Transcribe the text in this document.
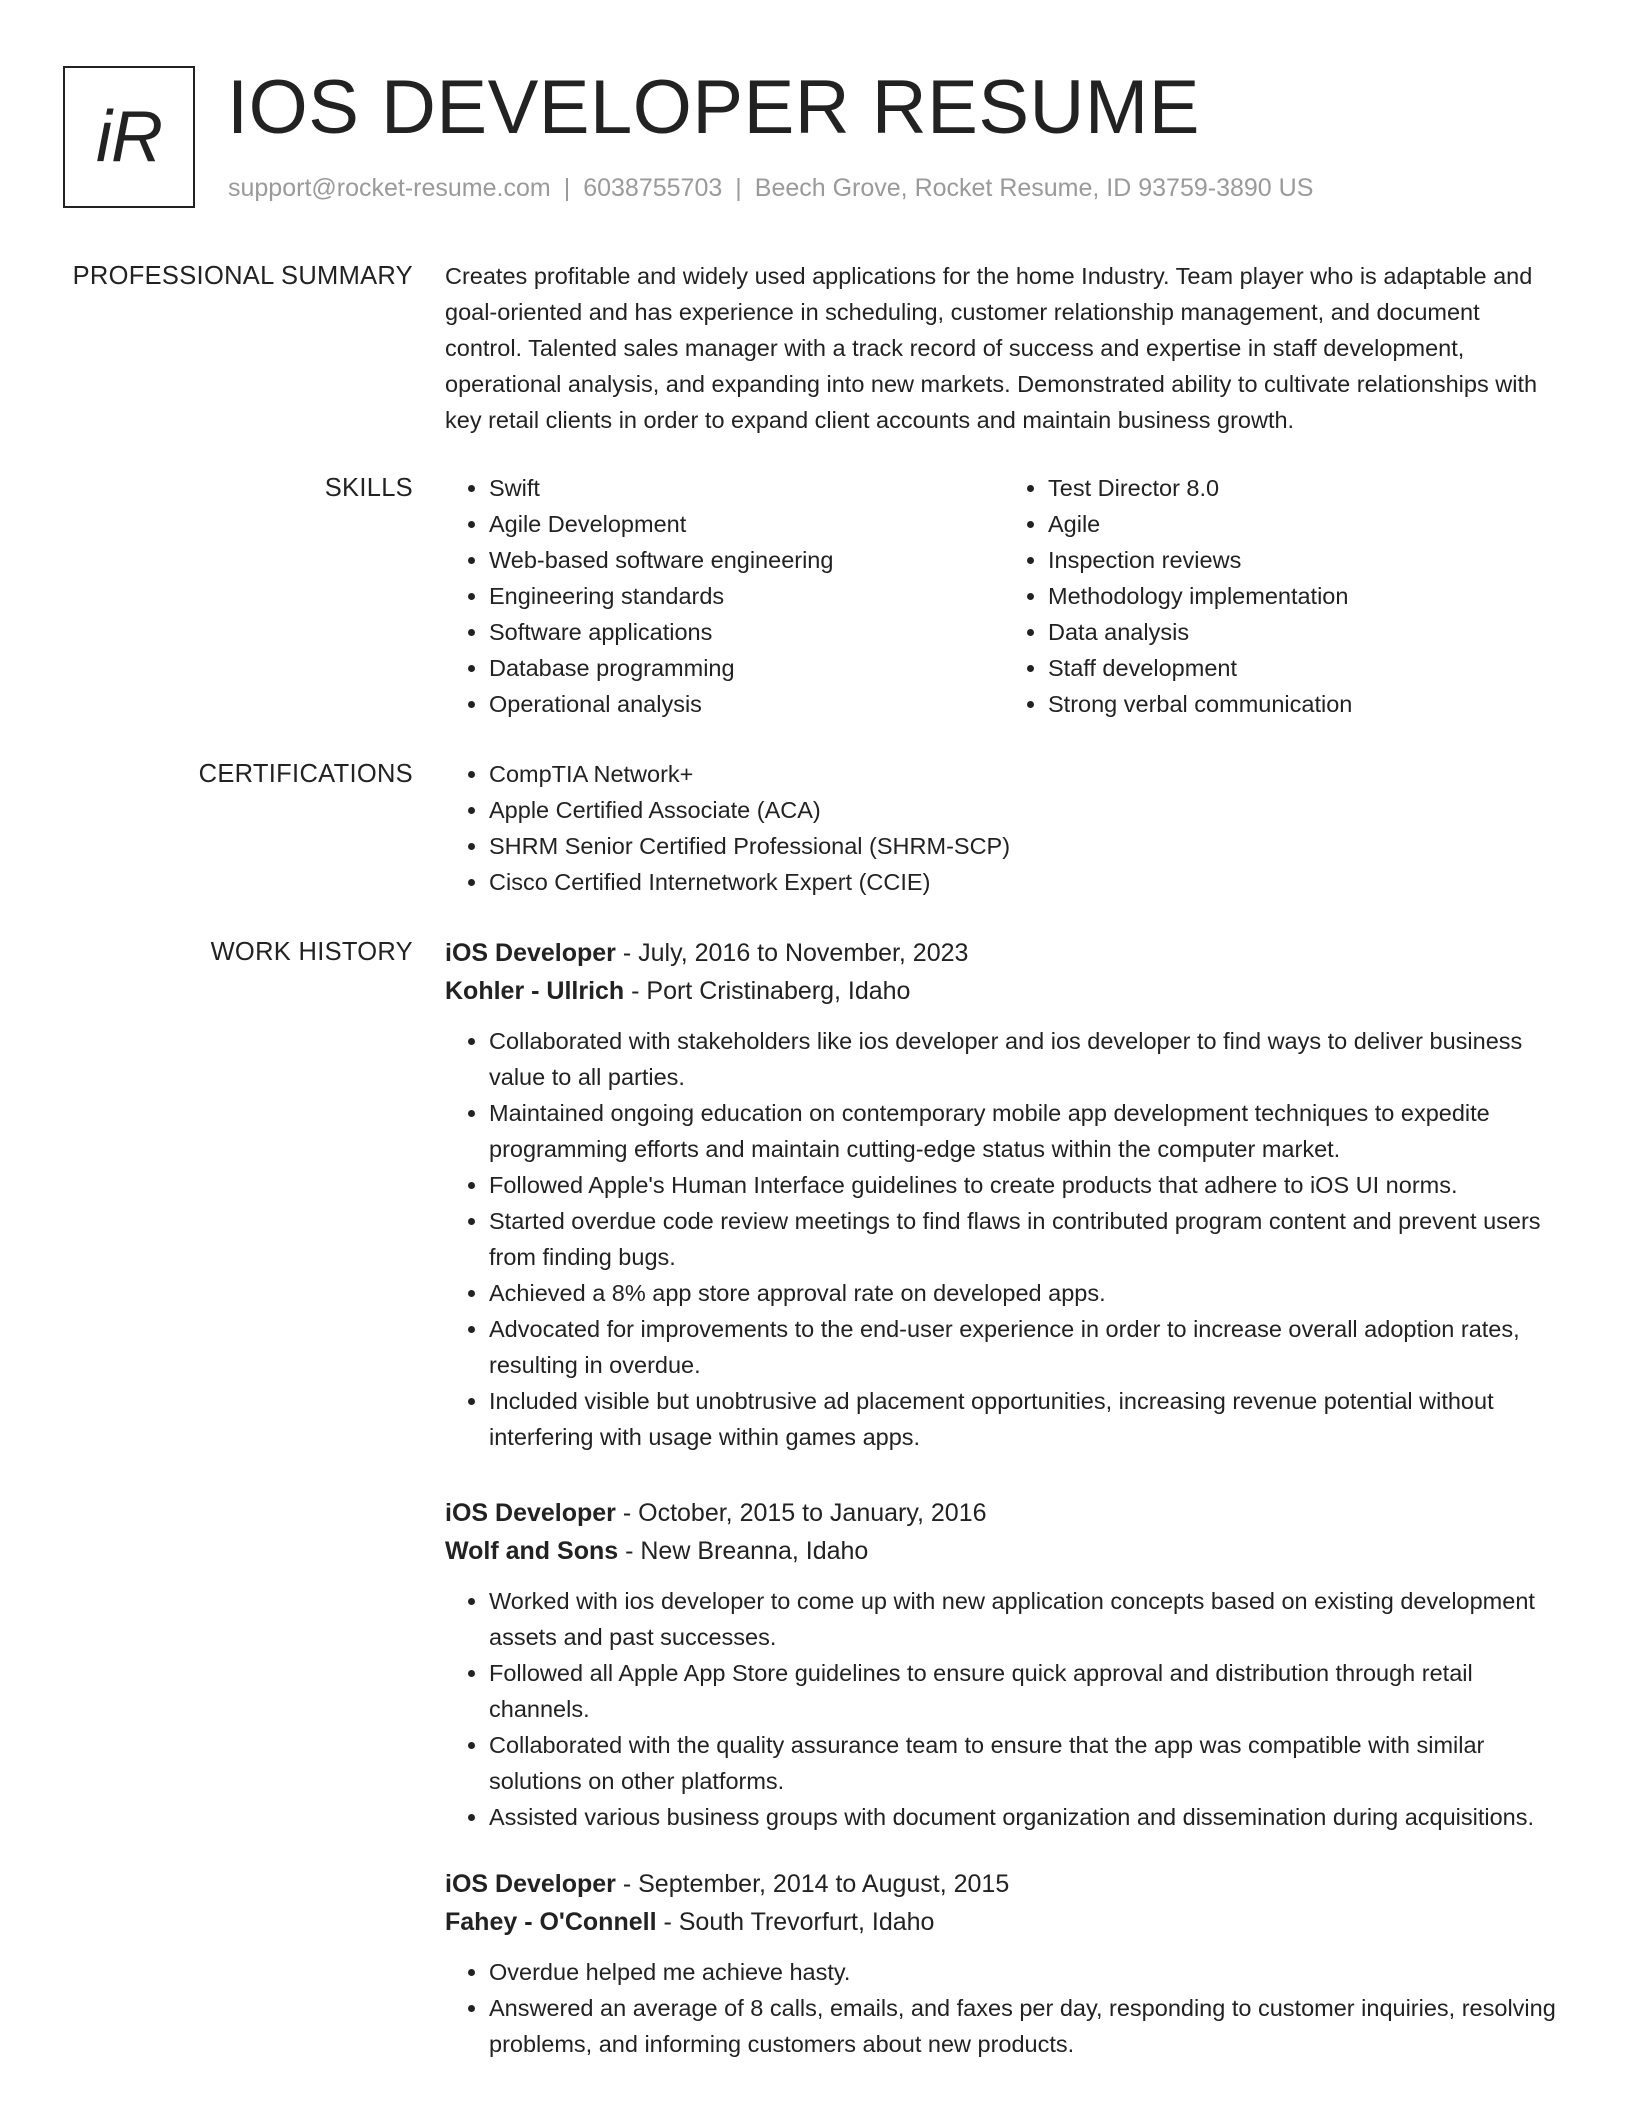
iR IOS DEVELOPER RESUME
support@rocket-resume.com | 6038755703 | Beech Grove, Rocket Resume, ID 93759-3890 US
PROFESSIONAL SUMMARY Creates profitable and widely used applications for the home Industry. Team player who is adaptable and goal-oriented and has experience in scheduling, customer relationship management, and document control. Talented sales manager with a track record of success and expertise in staff development, operational analysis, and expanding into new markets. Demonstrated ability to cultivate relationships with key retail clients in order to expand client accounts and maintain business growth.
SKILLS	• Swift
• Agile Development
• Web-based software engineering
• Engineering standards
• Software applications
• Database programming
• Operational analysis
• Test Director 8.0
• Agile
• Inspection reviews
• Methodology implementation
• Data analysis
• Staff development
• Strong verbal communication
CERTIFICATIONS	• CompTIA Network+
• Apple Certified Associate (ACA)
• SHRM Senior Certified Professional (SHRM-SCP)
• Cisco Certified Internetwork Expert (CCIE)
WORK HISTORY iOS Developer - July, 2016 to November, 2023
Kohler - Ullrich - Port Cristinaberg, Idaho
• Collaborated with stakeholders like ios developer and ios developer to find ways to deliver business value to all parties.
• Maintained ongoing education on contemporary mobile app development techniques to expedite programming efforts and maintain cutting-edge status within the computer market.
• Followed Apple's Human Interface guidelines to create products that adhere to iOS UI norms.
• Started overdue code review meetings to find flaws in contributed program content and prevent users from finding bugs.
• Achieved a 8% app store approval rate on developed apps.
• Advocated for improvements to the end-user experience in order to increase overall adoption rates, resulting in overdue.
• Included visible but unobtrusive ad placement opportunities, increasing revenue potential without interfering with usage within games apps.
iOS Developer - October, 2015 to January, 2016
Wolf and Sons - New Breanna, Idaho
• Worked with ios developer to come up with new application concepts based on existing development assets and past successes.
• Followed all Apple App Store guidelines to ensure quick approval and distribution through retail channels.
• Collaborated with the quality assurance team to ensure that the app was compatible with similar solutions on other platforms.
• Assisted various business groups with document organization and dissemination during acquisitions.
iOS Developer - September, 2014 to August, 2015
Fahey - O'Connell - South Trevorfurt, Idaho
• Overdue helped me achieve hasty.
• Answered an average of 8 calls, emails, and faxes per day, responding to customer inquiries, resolving problems, and informing customers about new products.
